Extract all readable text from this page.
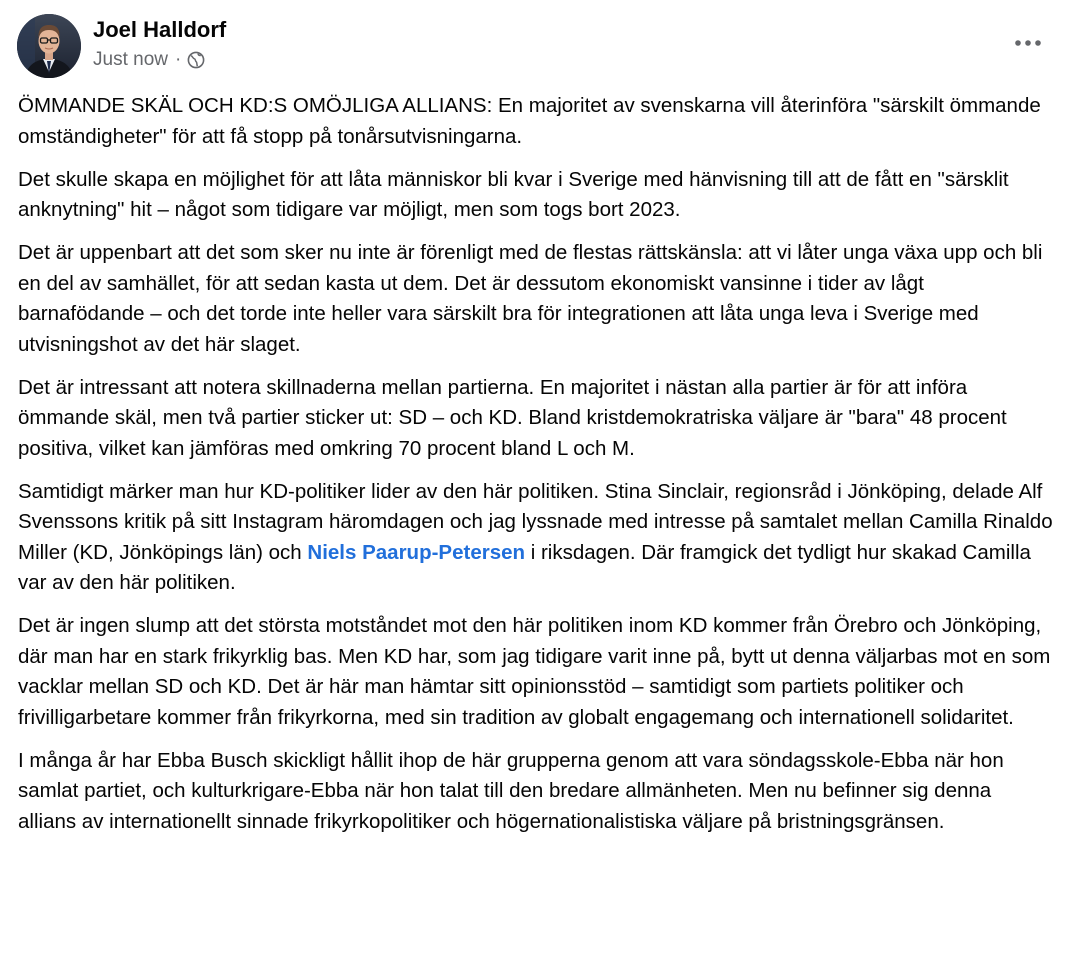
Joel Halldorf
Just now ·

ÖMMANDE SKÄL OCH KD:S OMÖJLIGA ALLIANS: En majoritet av svenskarna vill återinföra "särskilt ömmande omständigheter" för att få stopp på tonårsutvisningarna.

Det skulle skapa en möjlighet för att låta människor bli kvar i Sverige med hänvisning till att de fått en "särsklit anknytning" hit – något som tidigare var möjligt, men som togs bort 2023.

Det är uppenbart att det som sker nu inte är förenligt med de flestas rättskänsla: att vi låter unga växa upp och bli en del av samhället, för att sedan kasta ut dem. Det är dessutom ekonomiskt vansinne i tider av lågt barnafödande – och det torde inte heller vara särskilt bra för integrationen att låta unga leva i Sverige med utvisningshot av det här slaget.

Det är intressant att notera skillnaderna mellan partierna. En majoritet i nästan alla partier är för att införa ömmande skäl, men två partier sticker ut: SD – och KD. Bland kristdemokratriska väljare är "bara" 48 procent positiva, vilket kan jämföras med omkring 70 procent bland L och M.

Samtidigt märker man hur KD-politiker lider av den här politiken. Stina Sinclair, regionsråd i Jönköping, delade Alf Svenssons kritik på sitt Instagram häromdagen och jag lyssnade med intresse på samtalet mellan Camilla Rinaldo Miller (KD, Jönköpings län) och Niels Paarup-Petersen i riksdagen. Där framgick det tydligt hur skakad Camilla var av den här politiken.

Det är ingen slump att det största motståndet mot den här politiken inom KD kommer från Örebro och Jönköping, där man har en stark frikyrklig bas. Men KD har, som jag tidigare varit inne på, bytt ut denna väljarbas mot en som vacklar mellan SD och KD. Det är här man hämtar sitt opinionsstöd – samtidigt som partiets politiker och frivilligarbetare kommer från frikyrkorna, med sin tradition av globalt engagemang och internationell solidaritet.

I många år har Ebba Busch skickligt hållit ihop de här grupperna genom att vara söndagsskole-Ebba när hon samlat partiet, och kulturkrigare-Ebba när hon talat till den bredare allmänheten. Men nu befinner sig denna allians av internationellt sinnade frikyrkopolitiker och högernationalistiska väljare på bristningsgränsen.
